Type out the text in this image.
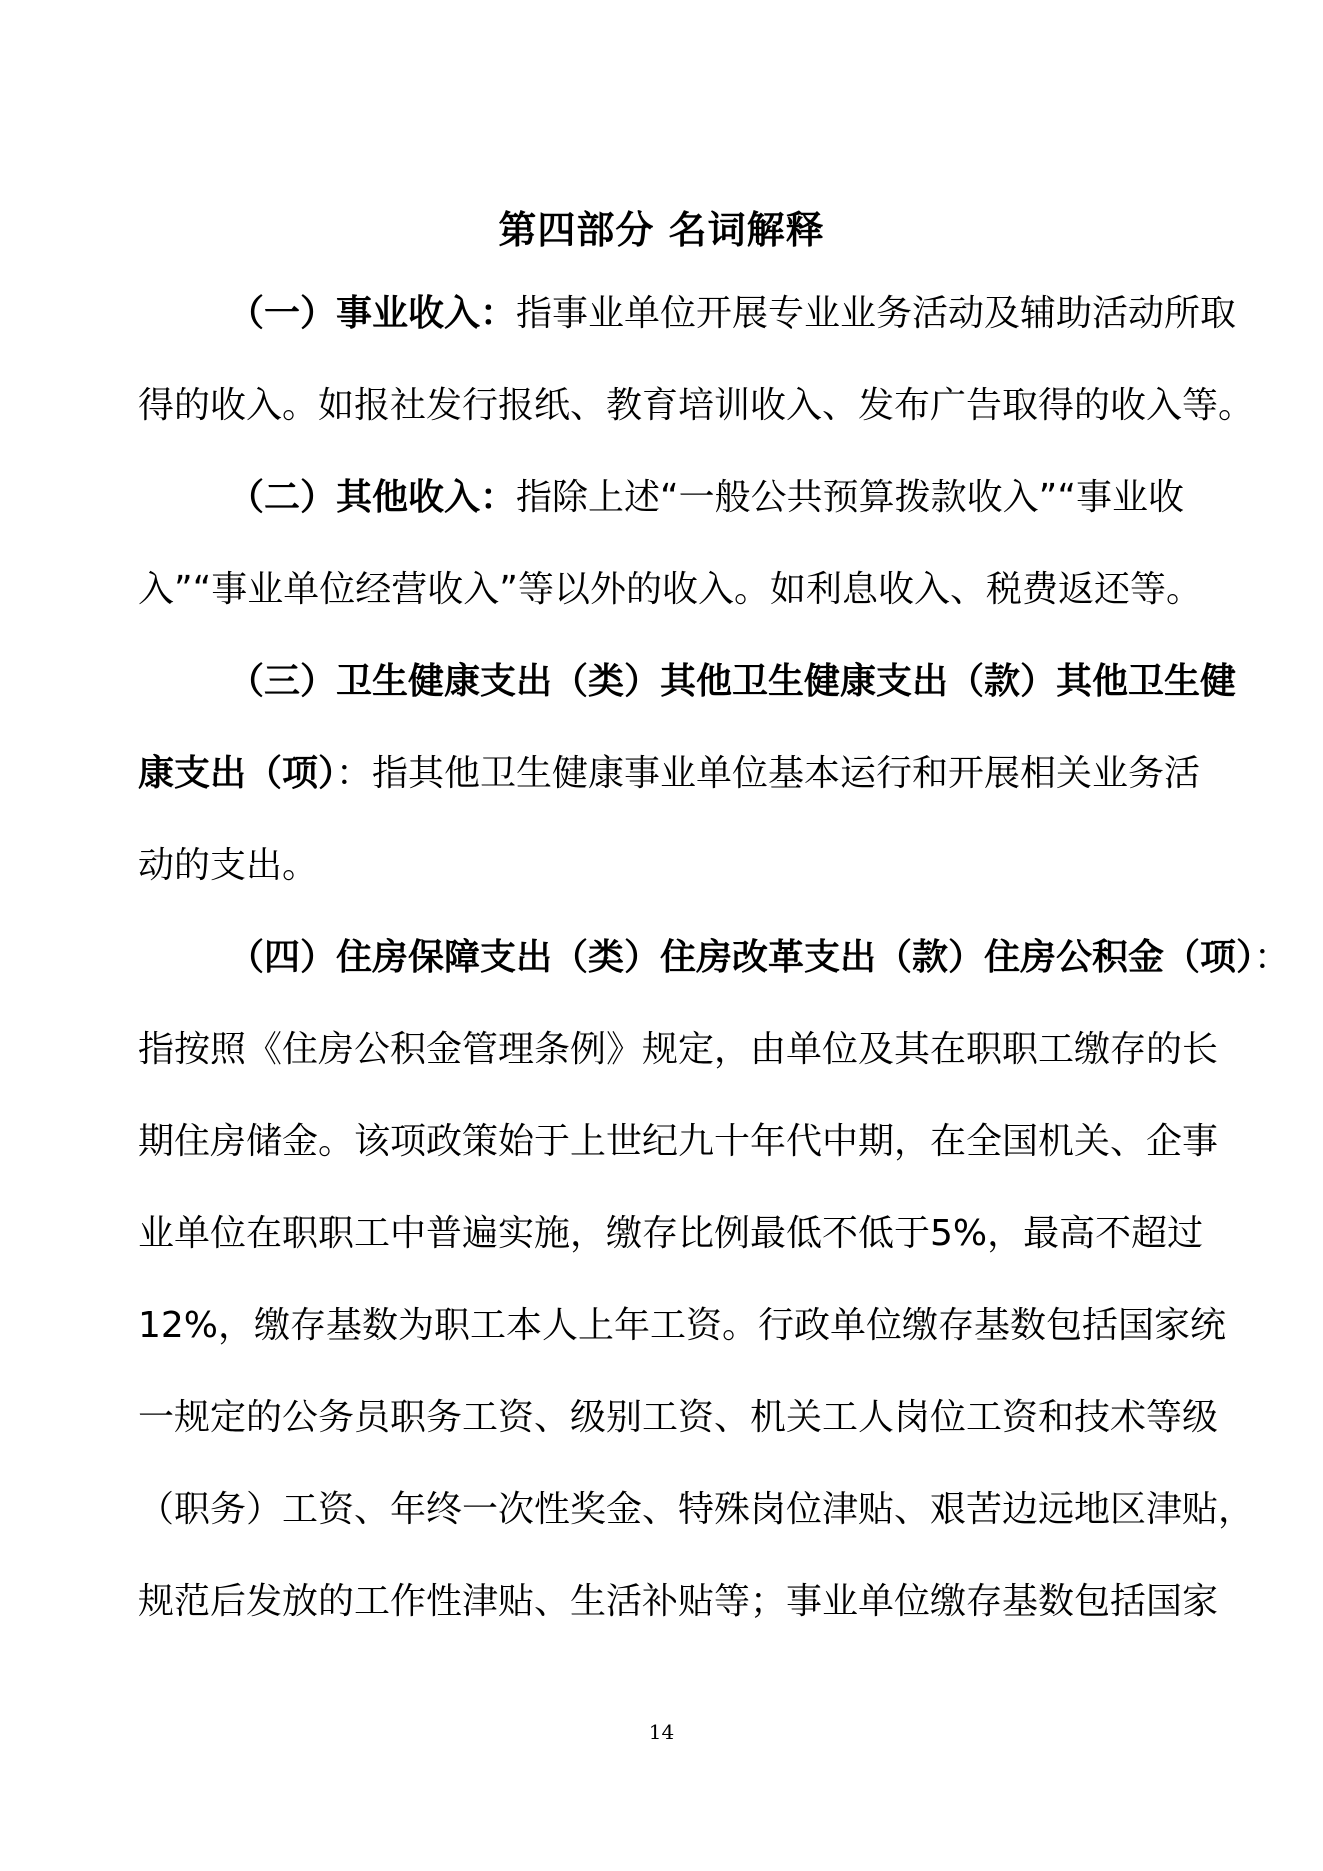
第四部分 名词解释

（一）事业收入：指事业单位开展专业业务活动及辅助活动所取

得的收入。如报社发行报纸、教育培训收入、发布广告取得的收入等。

（二）其他收入：指除上述“一般公共预算拨款收入”“事业收

入”“事业单位经营收入”等以外的收入。如利息收入、税费返还等。

（三）卫生健康支出（类）其他卫生健康支出（款）其他卫生健

康支出（项）：指其他卫生健康事业单位基本运行和开展相关业务活

动的支出。

（四）住房保障支出（类）住房改革支出（款）住房公积金（项）：

指按照《住房公积金管理条例》规定，由单位及其在职职工缴存的长

期住房储金。该项政策始于上世纪九十年代中期，在全国机关、企事

业单位在职职工中普遍实施，缴存比例最低不低于5%，最高不超过

12%，缴存基数为职工本人上年工资。行政单位缴存基数包括国家统

一规定的公务员职务工资、级别工资、机关工人岗位工资和技术等级

（职务）工资、年终一次性奖金、特殊岗位津贴、艰苦边远地区津贴，

规范后发放的工作性津贴、生活补贴等；事业单位缴存基数包括国家

14
